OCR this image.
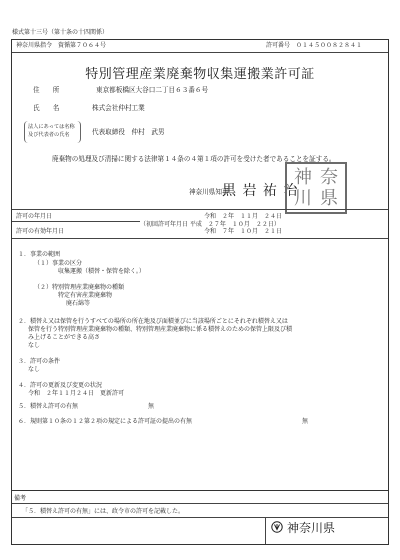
様式第十三号（第十条の十四関係）
神奈川県指令　資循第７０６４号	許可番号　０１４５００８２８４１
特別管理産業廃棄物収集運搬業許可証
住　　所	東京都板橋区大谷口二丁目６３番６号
氏　　名	株式会社仲村工業
法人にあっては名称
及び代表者の氏名	代表取締役　仲村　武男
廃棄物の処理及び清掃に関する法律第１４条の４第１項の許可を受けた者であることを証する。
神奈川県知事
黒 岩 祐 治
神 奈
川 県
許可の年月日	令和　２年　１１月　２４日
（初回許可年月日 平成　２７年　１０月　２２日）
許可の有効年月日	令和　７年　１０月　２１日
１．事業の範囲
（１）事業の区分
収集運搬（積替・保管を除く。）
（２）特別管理産業廃棄物の種類
特定有害産業廃棄物
廃石綿等
２．積替え又は保管を行うすべての場所の所在地及び面積並びに当該場所ごとにそれぞれ積替え又は
保管を行う特別管理産業廃棄物の種類、特別管理産業廃棄物に係る積替えのための保管上限及び積
み上げることができる高さ
なし
３．許可の条件
なし
４．許可の更新及び変更の状況
令和　２年１１月２４日　更新許可
５．積替え許可の有無	無
６．規則第１０条の１２第２項の規定による許可証の提出の有無	無
備考
「５．積替え許可の有無」には、政令市の許可を記載した。
神奈川県
